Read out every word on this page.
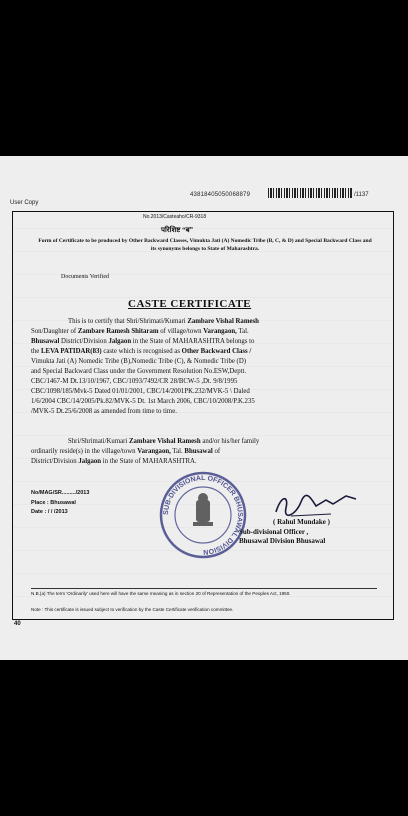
User Copy
43818405050068879	/1137
No.2013/Casteaho/CR-9318
परिशिष्ट “ब”
Form of Certificate to be produced by Other Backward Classes, Vimukta Jati (A) Nomedic Tribe (B, C, & D) and Special Backward Class and its synonyms belongs to State of Maharashtra.
Documents Verified
CASTE CERTIFICATE
This is to certify that Shri/Shrimati/Kumari Zambare Vishal Ramesh
Son/Daughter of Zambare Ramesh Shitaram of village/town Varangaon, Tal.
Bhusawal District/Division Jalgaon in the State of MAHARASHTRA belongs to
the LEVA PATIDAR(83) caste which is recognised as Other Backward Class /
Vimukta Jati (A) Nomedic Tribe (B),Nomedic Tribe (C), & Nomedic Tribe (D)
and Special Backward Class under the Government Resolution No.ESW,Deptt.
CBC/1467-M Dt.13/10/1967, CBC/1093/7492/CR 28/BCW-5 ,Dt. 9/8/1995
CBC/1098/185/Mvk-5 Dated 01/01/2001, CBC/14/2001PK.232/MVK-5 \ Daled
1/6/2004 CBC/14/2005/Pk.82/MVK-5 Dt. 1st March 2006, CBC/10/2008/P.K.235
/MVK-5 Dt.25/6/2008 as amended from time to time.
Shri/Shrimati/Kumari Zambare Vishal Ramesh and/or his/her family
ordinarily reside(s) in the village/town Varangaon, Tal. Bhusawal of
District/Division Jalgaon in the State of MAHARASHTRA.
No/MAG/SR........./2013
Place : Bhusawal
Date : / / /2013	SUB-DIVISIONAL OFFICER BHUSAWAL DIVISION
( Rahul Mundake )
Sub-divisional Officer ,
Bhusawal Division Bhusawal
N.B.(a) The term 'Ordinarily' used here will have the same meaning as in section 20 of Representation of the Peoples Act, 1950.
Note : This certificate is issued subject to verification by the Caste Certificate verification committee.
40
